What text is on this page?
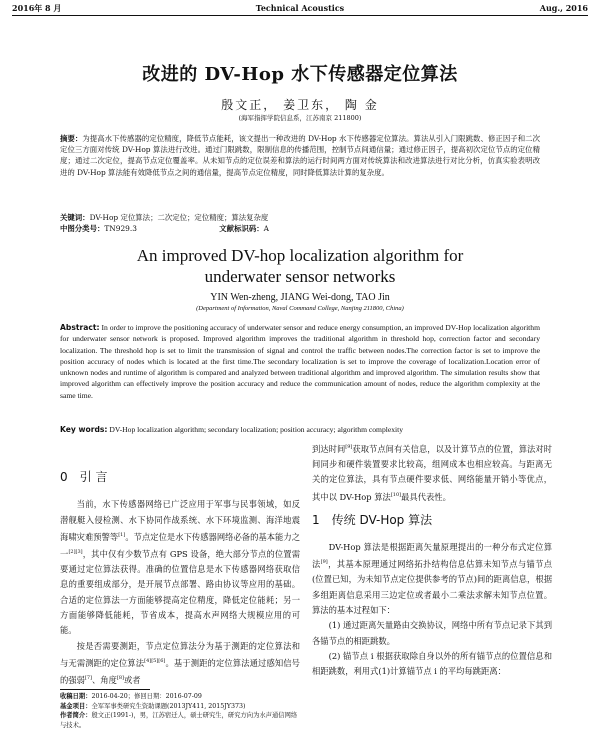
2016年 8 月	Technical Acoustics	Aug., 2016
改进的 DV-Hop 水下传感器定位算法
殷文正， 姜卫东， 陶 金
(海军指挥学院信息系，江苏南京 211800)
摘要：为提高水下传感器的定位精度，降低节点能耗，该文提出一种改进的 DV-Hop 水下传感器定位算法。算法从引入门限跳数、修正因子和二次定位三方面对传统 DV-Hop 算法进行改进。通过门限跳数，限制信息的传播范围，控制节点间通信量；通过修正因子，提高初次定位节点的定位精度；通过二次定位，提高节点定位覆盖率。从未知节点的定位误差和算法的运行时间两方面对传统算法和改进算法进行对比分析，仿真实验表明改进的 DV-Hop 算法能有效降低节点之间的通信量，提高节点定位精度，同时降低算法计算的复杂度。
关键词：DV-Hop 定位算法；二次定位；定位精度；算法复杂度
中图分类号：TN929.3	文献标识码：A
An improved DV-hop localization algorithm for
underwater sensor networks
YIN Wen-zheng, JIANG Wei-dong, TAO Jin
(Department of Information, Naval Command College, Nanjing 211800, China)
Abstract: In order to improve the positioning accuracy of underwater sensor and reduce energy consumption, an improved DV-Hop localization algorithm for underwater sensor network is proposed. Improved algorithm improves the traditional algorithm in threshold hop, correction factor and secondary localization. The threshold hop is set to limit the transmission of signal and control the traffic between nodes.The correction factor is set to improve the position accuracy of nodes which is located at the first time.The secondary localization is set to improve the coverage of localization.Location error of unknown nodes and runtime of algorithm is compared and analyzed between traditional algorithm and improved algorithm. The simulation results show that improved algorithm can effectively improve the position accuracy and reduce the communication amount of nodes, reduce the algorithm complexity at the same time.
Key words: DV-Hop localization algorithm; secondary localization; position accuracy; algorithm complexity
0　引 言
当前，水下传感器网络已广泛应用于军事与民事领域，如反潜舰艇入侵检测、水下协同作战系统、水下环境监测、海洋地震海啸灾难预警等[1]。节点定位是水下传感器网络必备的基本能力之一[2][3]，其中仅有少数节点有 GPS 设备，绝大部分节点的位置需要通过定位算法获得。准确的位置信息是水下传感器网络获取信息的重要组成部分，是开展节点部署、路由协议等应用的基础。合适的定位算法一方面能够提高定位精度，降低定位能耗；另一方面能够降低能耗，节省成本，提高水声网络大规模应用的可能。
按是否需要测距，节点定位算法分为基于测距的定位算法和与无需测距的定位算法[4][5][6]。基于测距的定位算法通过感知信号的强弱[7]、角度[8]或者
到达时间[9]获取节点间有关信息，以及计算节点的位置，算法对时间同步和硬件装置要求比较高，组网成本也相应较高。与距离无关的定位算法，具有节点硬件要求低、网络能量开销小等优点，其中以 DV-Hop 算法[10]最具代表性。
1　传统 DV-Hop 算法
DV-Hop 算法是根据距离矢量原理提出的一种分布式定位算法[9]，其基本原理通过网络拓扑结构信息估算未知节点与锚节点(位置已知，为未知节点定位提供参考的节点)间的距离信息，根据多组距离信息采用三边定位或者最小二乘法求解未知节点位置。算法的基本过程如下：
(1) 通过距离矢量路由交换协议，网络中所有节点记录下其到各锚节点的相距跳数。
(2) 锚节点 i 根据获取除自身以外的所有锚节点的位置信息和相距跳数，利用式(1)计算锚节点 i 的平均每跳距离：
收稿日期：2016-04-20；修回日期：2016-07-09
基金项目：全军军事类研究生资助课题(2013JY411, 2015JY373)
作者简介：殷文正(1991-)，男，江苏宿迁人，硕士研究生，研究方向为水声通信网络与技术。
